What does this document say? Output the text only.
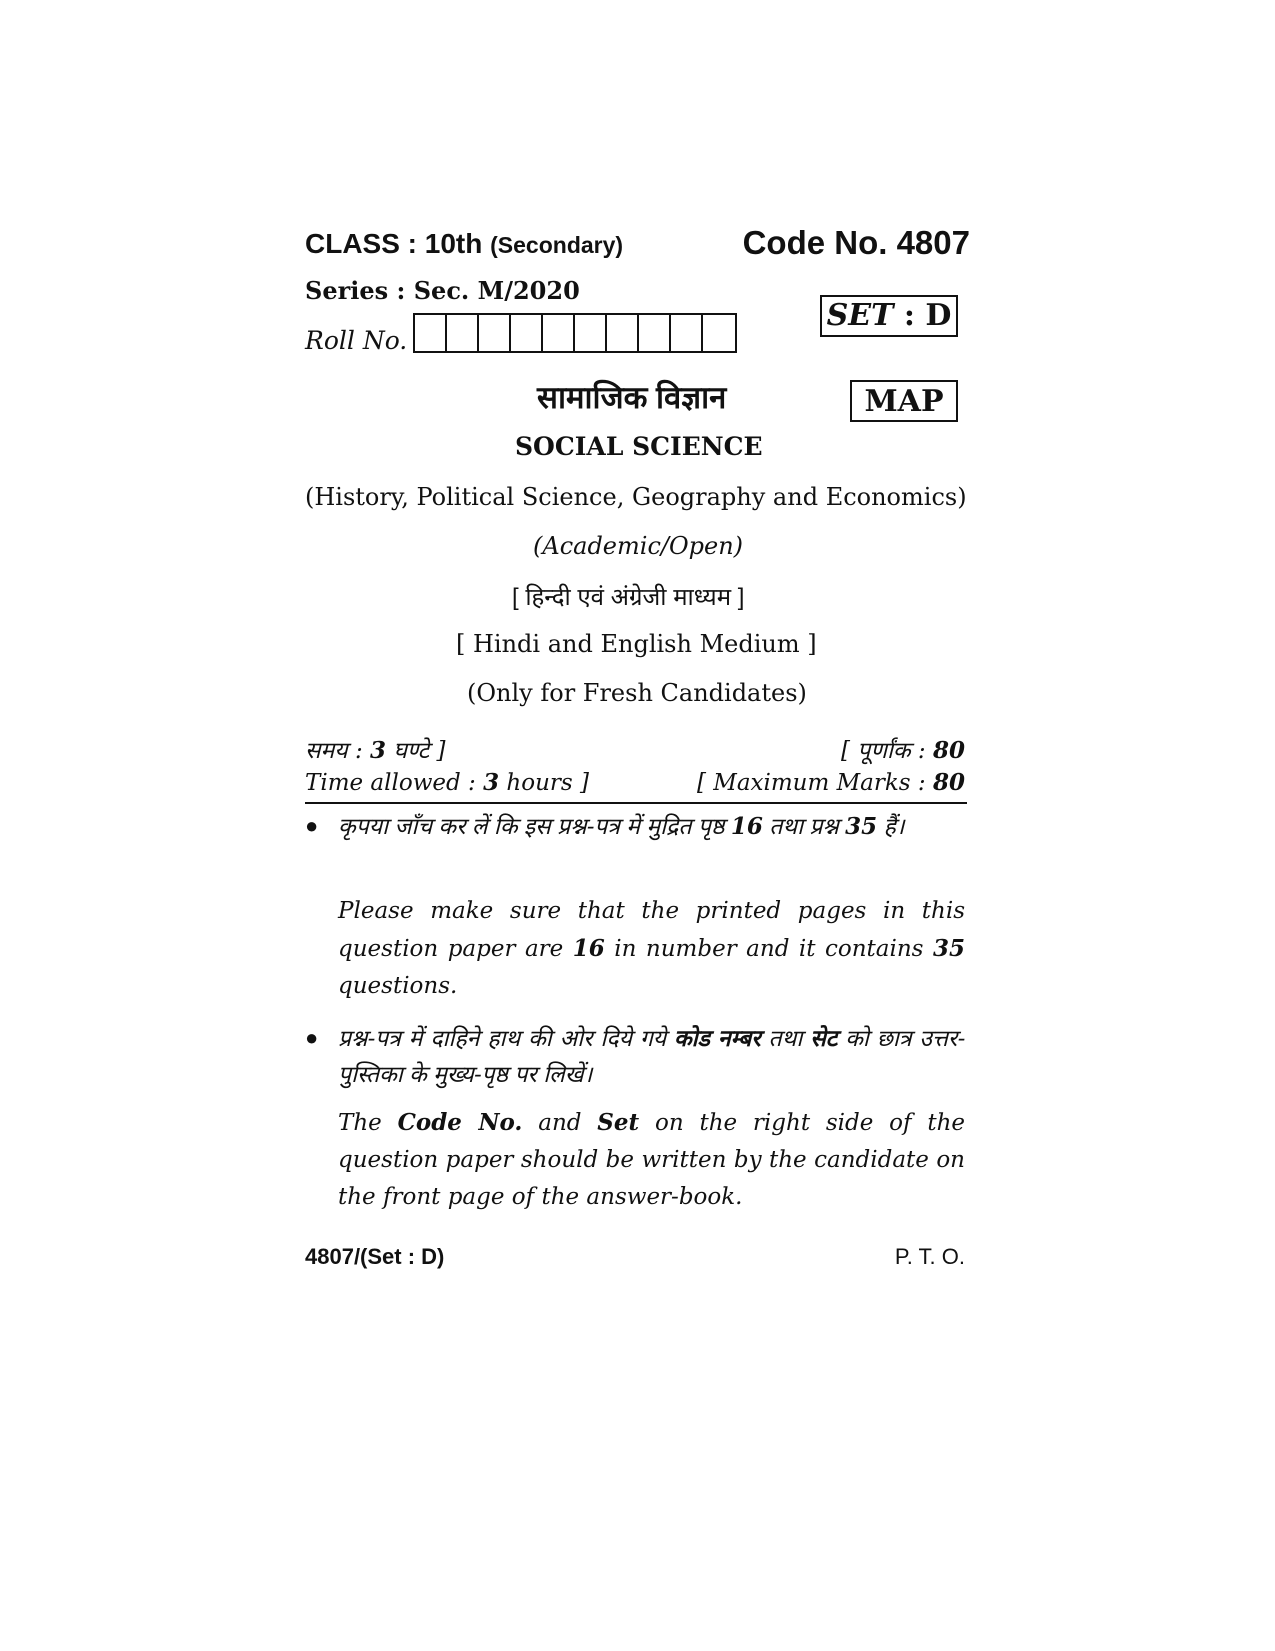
CLASS : 10th (Secondary)	Code No. 4807
Series : Sec. M/2020
Roll No.
SET : D
MAP
सामाजिक विज्ञान
SOCIAL SCIENCE
(History, Political Science, Geography and Economics)
(Academic/Open)
[ हिन्दी एवं अंग्रेजी माध्यम ]
[ Hindi and English Medium ]
(Only for Fresh Candidates)
समय : 3 घण्टे ]	[ पूर्णांक : 80
Time allowed : 3 hours ]	[ Maximum Marks : 80
● कृपया जाँच कर लें कि इस प्रश्न-पत्र में मुद्रित पृष्ठ 16 तथा प्रश्न 35 हैं।
Please make sure that the printed pages in this question paper are 16 in number and it contains 35 questions.
● प्रश्न-पत्र में दाहिने हाथ की ओर दिये गये कोड नम्बर तथा सेट को छात्र उत्तर-पुस्तिका के मुख्य-पृष्ठ पर लिखें।
The Code No. and Set on the right side of the question paper should be written by the candidate on the front page of the answer-book.
4807/(Set : D)	P. T. O.
